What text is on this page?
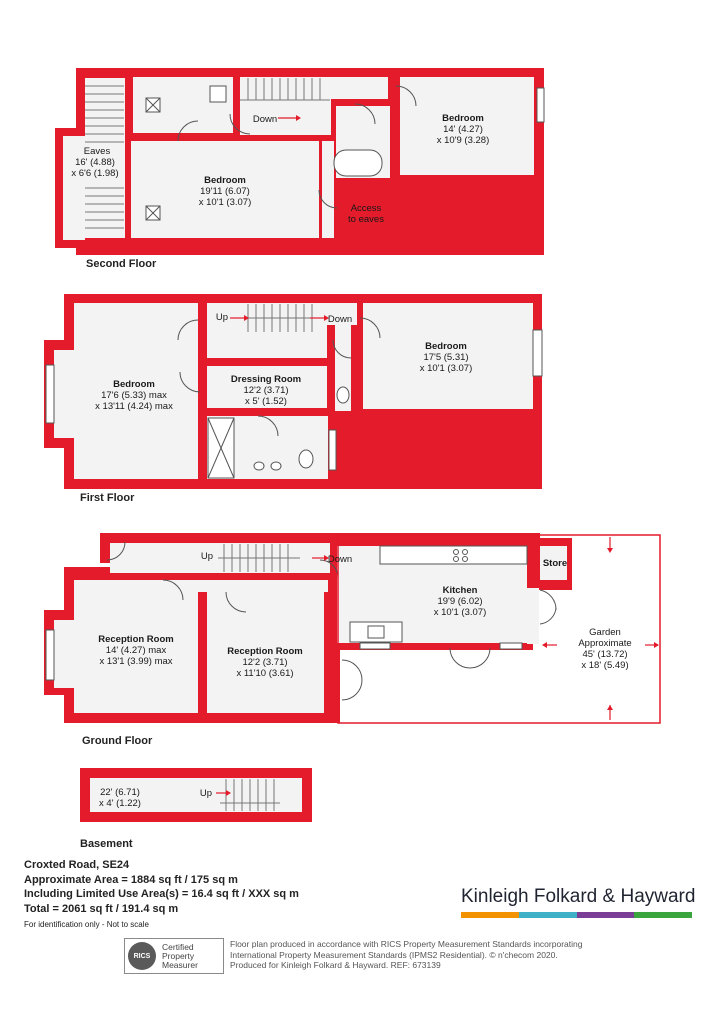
Eaves
16' (4.88)
x 6'6 (1.98)
Bedroom
19'11 (6.07)
x 10'1 (3.07)
Bedroom
14' (4.27)
x 10'9 (3.28)
Down
Access
to eaves
Up	Down
Bedroom
17'6 (5.33) max
x 13'11 (4.24) max
Dressing Room
12'2 (3.71)
x 5' (1.52)
Bedroom
17'5 (5.31)
x 10'1 (3.07)
Up	Down
Reception Room
14' (4.27) max
x 13'1 (3.99) max
Reception Room
12'2 (3.71)
x 11'10 (3.61)
Kitchen
19'9 (6.02)
x 10'1 (3.07)
Store
Garden
Approximate
45' (13.72)
x 18' (5.49)
Up
22' (6.71)
x 4' (1.22)
Second Floor
First Floor
Ground Floor
Basement
Croxted Road, SE24
Approximate Area = 1884 sq ft / 175 sq m
Including Limited Use Area(s) = 16.4 sq ft / XXX sq m
Total = 2061 sq ft / 191.4 sq m
For identification only - Not to scale
Kinleigh Folkard & Hayward
RICS
Certified
Property
Measurer
Floor plan produced in accordance with RICS Property Measurement Standards incorporating
International Property Measurement Standards (IPMS2 Residential). © n'checom 2020.
Produced for Kinleigh Folkard & Hayward. REF: 673139
